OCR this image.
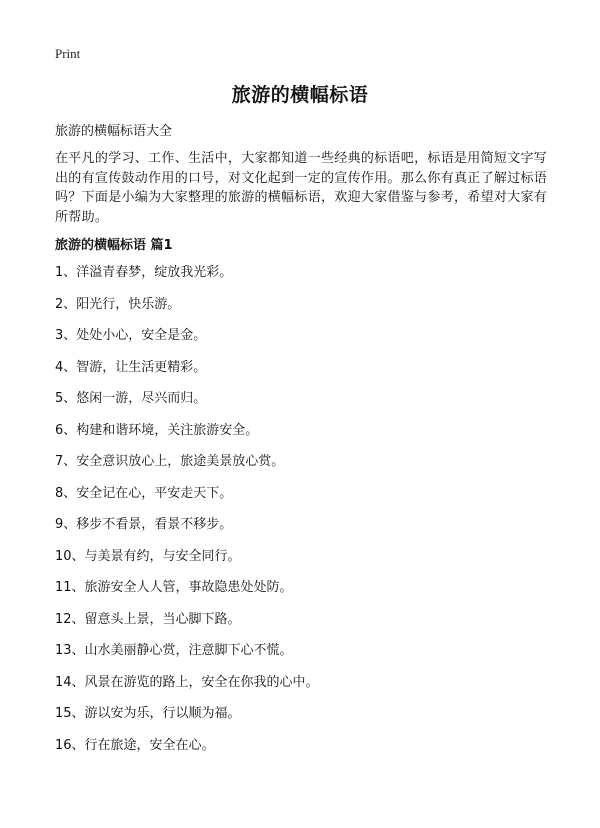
Print
旅游的横幅标语

旅游的横幅标语大全

在平凡的学习、工作、生活中，大家都知道一些经典的标语吧，标语是用简短文字写出的有宣传鼓动作用的口号，对文化起到一定的宣传作用。那么你有真正了解过标语吗？下面是小编为大家整理的旅游的横幅标语，欢迎大家借鉴与参考，希望对大家有所帮助。

旅游的横幅标语 篇1
1、洋溢青春梦，绽放我光彩。
2、阳光行，快乐游。
3、处处小心，安全是金。
4、智游，让生活更精彩。
5、悠闲一游，尽兴而归。
6、构建和谐环境，关注旅游安全。
7、安全意识放心上，旅途美景放心赏。
8、安全记在心，平安走天下。
9、移步不看景，看景不移步。
10、与美景有约，与安全同行。
11、旅游安全人人管，事故隐患处处防。
12、留意头上景，当心脚下路。
13、山水美丽静心赏，注意脚下心不慌。
14、风景在游览的路上，安全在你我的心中。
15、游以安为乐，行以顺为福。
16、行在旅途，安全在心。
